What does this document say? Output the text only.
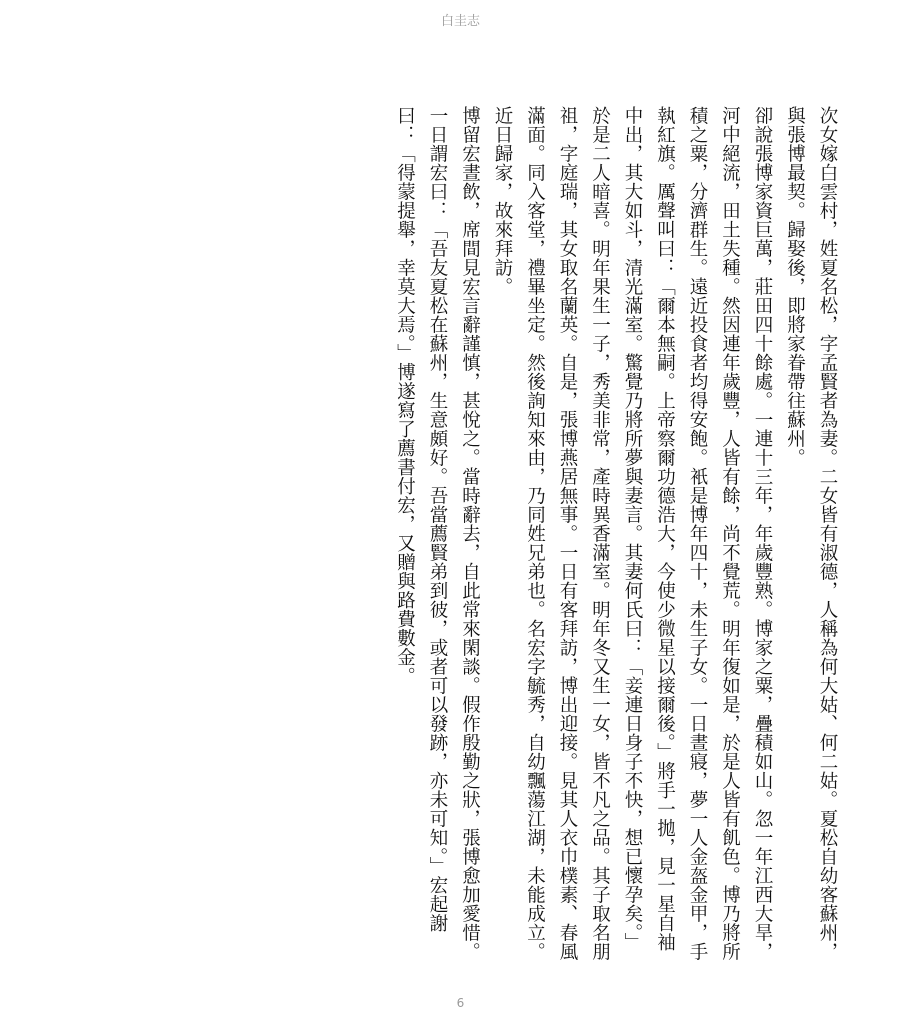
白圭志

次女嫁白雲村，姓夏名松，字孟賢者為妻。二女皆有淑德，人稱為何大姑、何二姑。夏松自幼客蘇州，與張博最契。歸娶後，即將家眷帶往蘇州。

卻說張博家資巨萬，莊田四十餘處。一連十三年，年歲豐熟。博家之粟，疊積如山。忽一年江西大旱，河中絕流，田土失種。然因連年歲豐，人皆有餘，尚不覺荒。明年復如是，於是人皆有飢色。博乃將所積之粟，分濟群生。遠近投食者均得安飽。衹是博年四十，未生子女。一日晝寢，夢一人金盔金甲，手執紅旗。厲聲叫曰：「爾本無嗣。上帝察爾功德浩大，今使少微星以接爾後。」將手一拋，見一星自袖中出，其大如斗，清光滿室。驚覺乃將所夢與妻言。其妻何氏曰：「妾連日身子不快，想已懷孕矣。」於是二人暗喜。明年果生一子，秀美非常，產時異香滿室。明年冬又生一女，皆不凡之品。其子取名朋祖，字庭瑞，其女取名蘭英。自是，張博燕居無事。一日有客拜訪，博出迎接。見其人衣巾樸素、春風滿面。同入客堂，禮畢坐定。然後詢知來由，乃同姓兄弟也。名宏字毓秀，自幼飄蕩江湖，未能成立。近日歸家，故來拜訪。

博留宏晝飲，席間見宏言辭謹慎，甚悅之。當時辭去，自此常來閑談。假作殷勤之狀，張博愈加愛惜。

一日謂宏曰：「吾友夏松在蘇州，生意頗好。吾當薦賢弟到彼，或者可以發跡，亦未可知。」宏起謝曰：「得蒙提舉，幸莫大焉。」博遂寫了薦書付宏，又贈與路費數金。

6
